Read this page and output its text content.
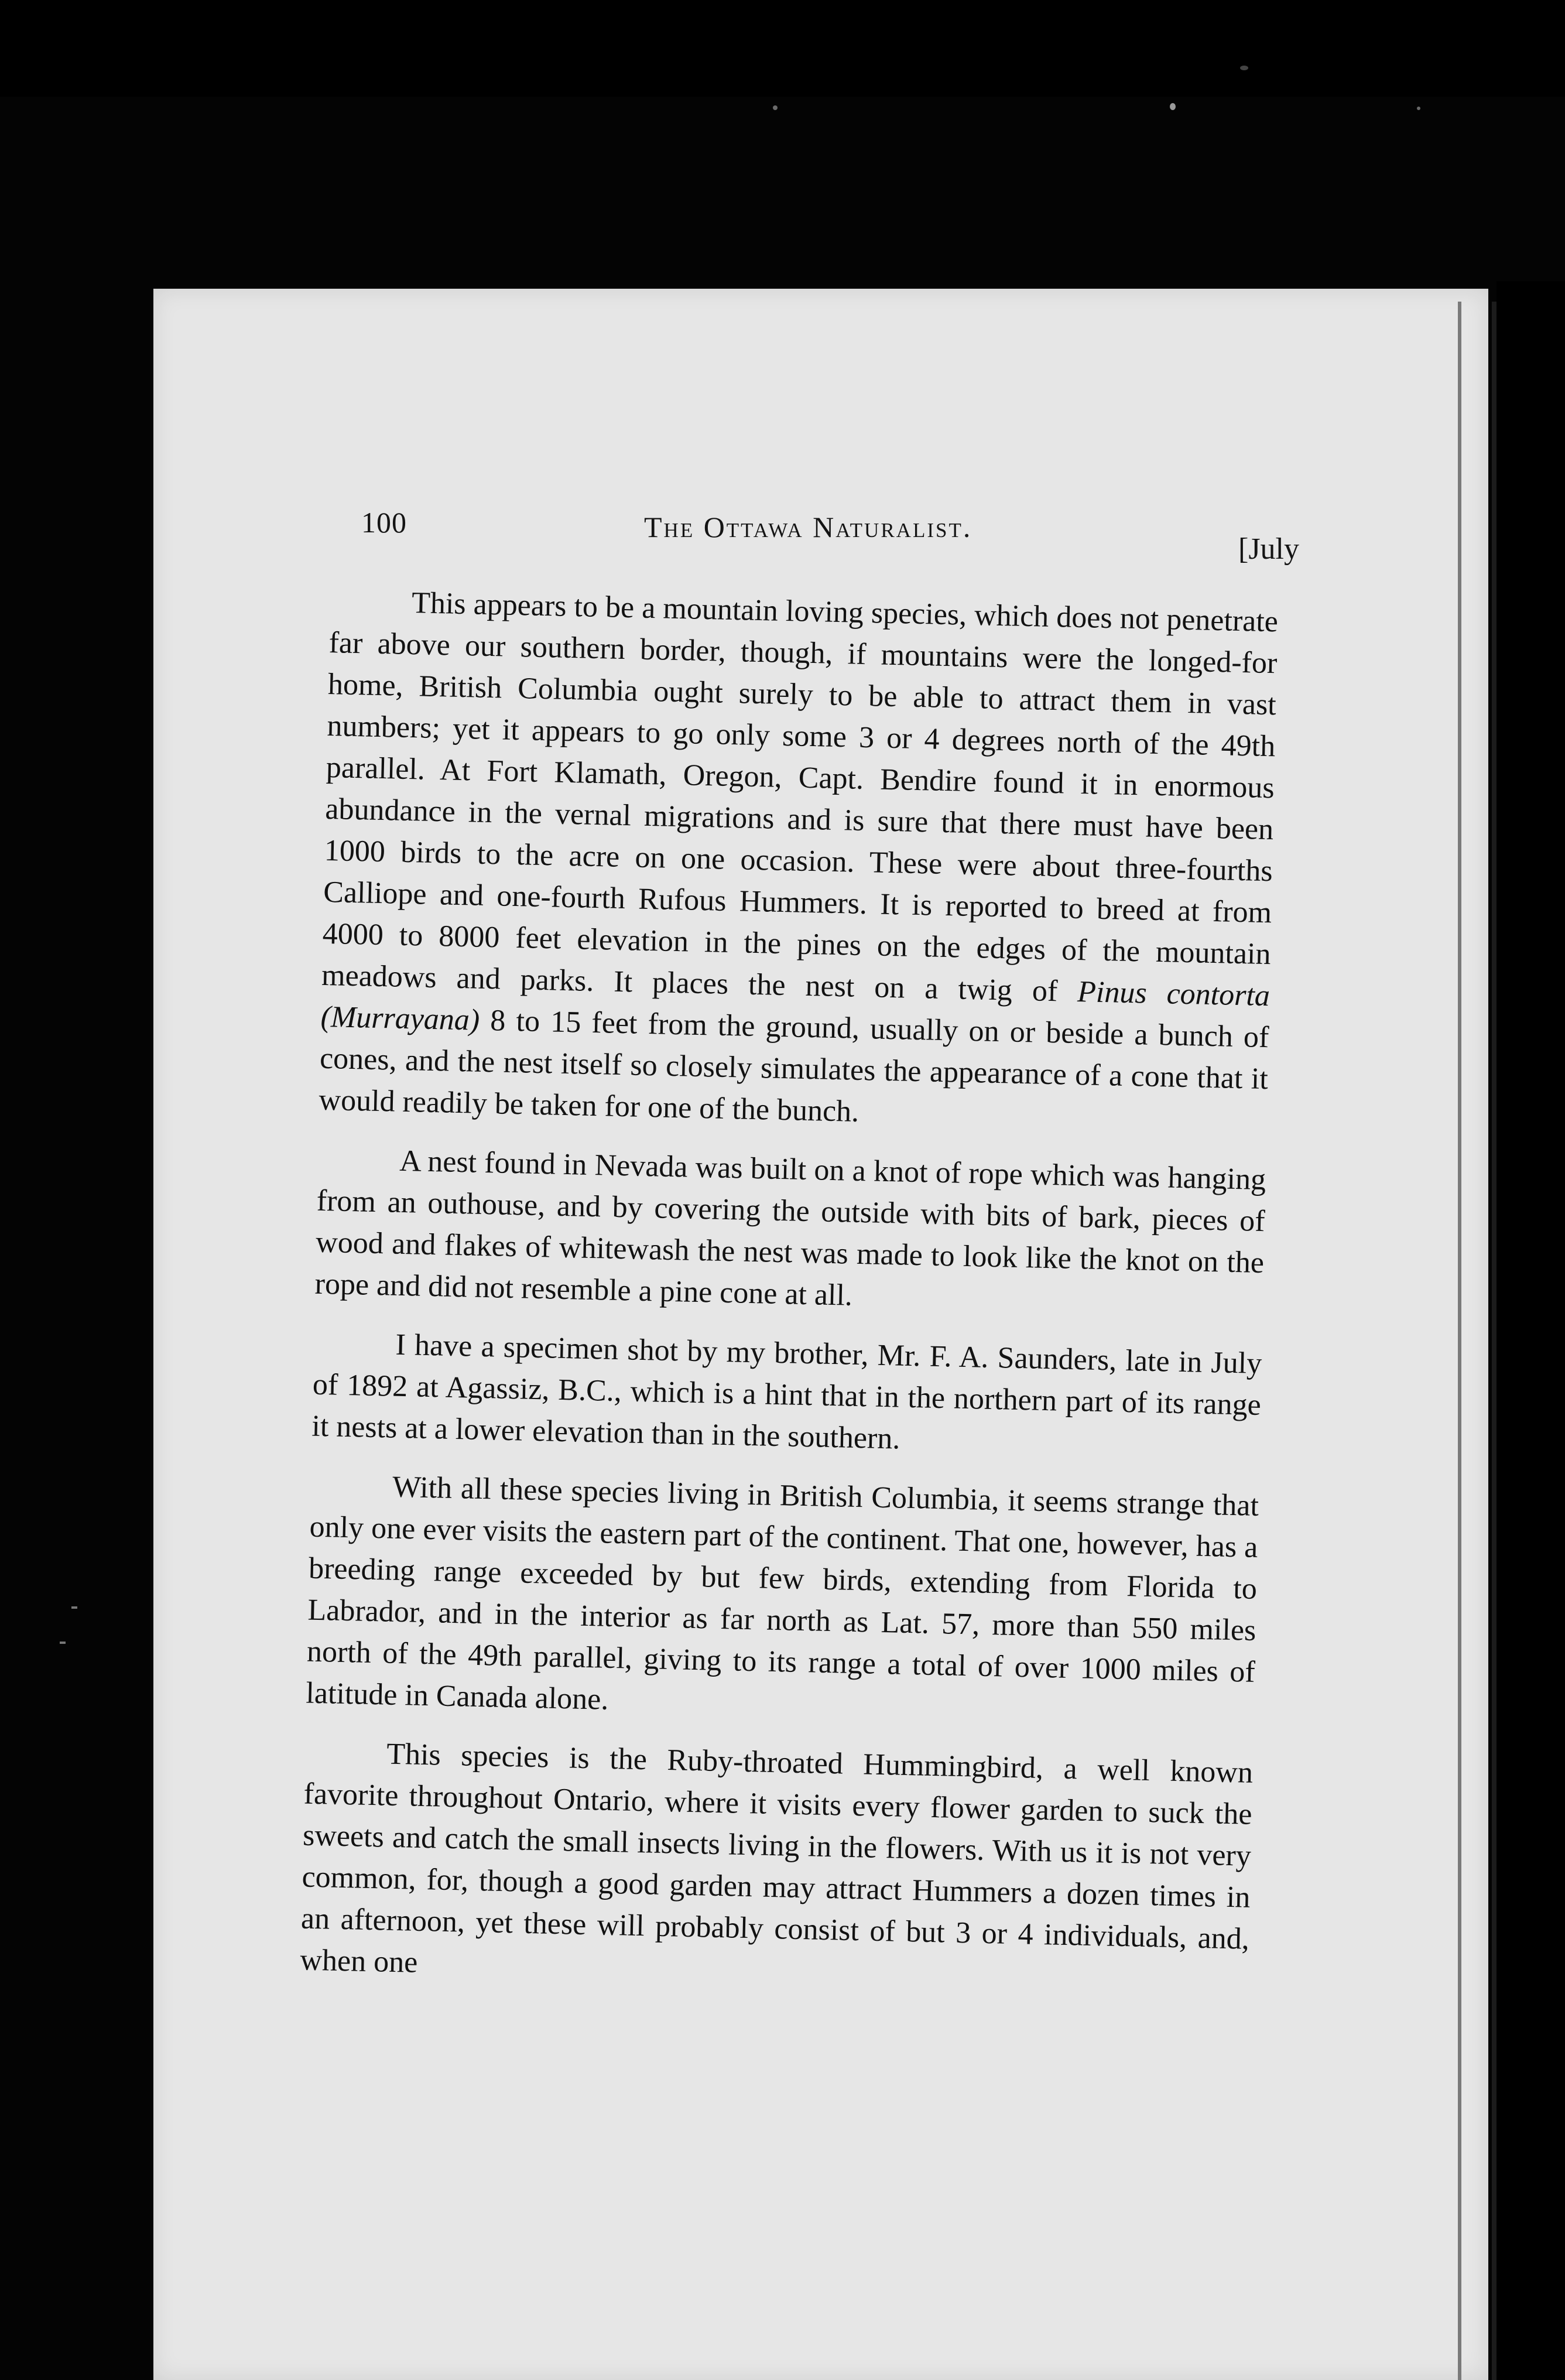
100	The Ottawa Naturalist.
[July

This appears to be a mountain loving species, which does not penetrate far above our southern border, though, if mountains were the longed-for home, British Columbia ought surely to be able to attract them in vast numbers; yet it appears to go only some 3 or 4 degrees north of the 49th parallel. At Fort Klamath, Oregon, Capt. Bendire found it in enormous abundance in the vernal migrations and is sure that there must have been 1000 birds to the acre on one occasion. These were about three-fourths Calliope and one-fourth Rufous Hummers. It is reported to breed at from 4000 to 8000 feet elevation in the pines on the edges of the mountain meadows and parks. It places the nest on a twig of Pinus contorta (Murrayana) 8 to 15 feet from the ground, usually on or beside a bunch of cones, and the nest itself so closely simulates the appearance of a cone that it would readily be taken for one of the bunch.

A nest found in Nevada was built on a knot of rope which was hanging from an outhouse, and by covering the outside with bits of bark, pieces of wood and flakes of whitewash the nest was made to look like the knot on the rope and did not resemble a pine cone at all.

I have a specimen shot by my brother, Mr. F. A. Saunders, late in July of 1892 at Agassiz, B.C., which is a hint that in the northern part of its range it nests at a lower elevation than in the southern.

With all these species living in British Columbia, it seems strange that only one ever visits the eastern part of the continent. That one, however, has a breeding range exceeded by but few birds, extending from Florida to Labrador, and in the interior as far north as Lat. 57, more than 550 miles north of the 49th parallel, giving to its range a total of over 1000 miles of latitude in Canada alone.

This species is the Ruby-throated Hummingbird, a well known favorite throughout Ontario, where it visits every flower garden to suck the sweets and catch the small insects living in the flowers. With us it is not very common, for, though a good garden may attract Hummers a dozen times in an afternoon, yet these will probably consist of but 3 or 4 individuals, and, when one
